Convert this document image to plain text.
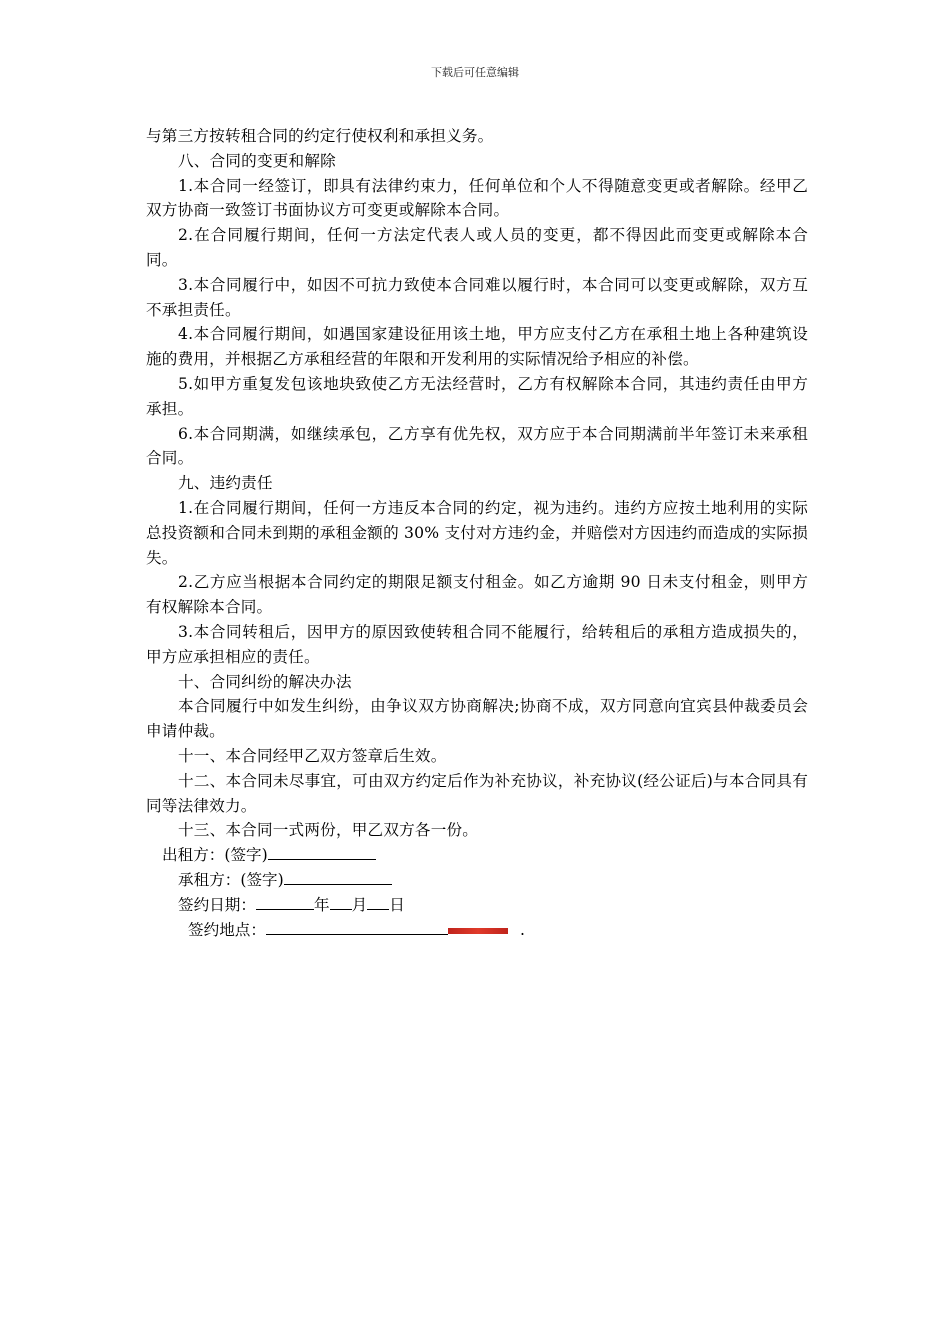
下载后可任意编辑

与第三方按转租合同的约定行使权利和承担义务。

八、合同的变更和解除

1.本合同一经签订，即具有法律约束力，任何单位和个人不得随意变更或者解除。经甲乙双方协商一致签订书面协议方可变更或解除本合同。

2.在合同履行期间，任何一方法定代表人或人员的变更，都不得因此而变更或解除本合同。

3.本合同履行中，如因不可抗力致使本合同难以履行时，本合同可以变更或解除，双方互不承担责任。

4.本合同履行期间，如遇国家建设征用该土地，甲方应支付乙方在承租土地上各种建筑设施的费用，并根据乙方承租经营的年限和开发利用的实际情况给予相应的补偿。

5.如甲方重复发包该地块致使乙方无法经营时，乙方有权解除本合同，其违约责任由甲方承担。

6.本合同期满，如继续承包，乙方享有优先权，双方应于本合同期满前半年签订未来承租合同。

九、违约责任

1.在合同履行期间，任何一方违反本合同的约定，视为违约。违约方应按土地利用的实际总投资额和合同未到期的承租金额的 30% 支付对方违约金，并赔偿对方因违约而造成的实际损失。

2.乙方应当根据本合同约定的期限足额支付租金。如乙方逾期 90 日未支付租金，则甲方有权解除本合同。

3.本合同转租后，因甲方的原因致使转租合同不能履行，给转租后的承租方造成损失的，甲方应承担相应的责任。

十、合同纠纷的解决办法

本合同履行中如发生纠纷，由争议双方协商解决;协商不成，双方同意向宜宾县仲裁委员会申请仲裁。

十一、本合同经甲乙双方签章后生效。

十二、本合同未尽事宜，可由双方约定后作为补充协议，补充协议(经公证后)与本合同具有同等法律效力。

十三、本合同一式两份，甲乙双方各一份。

出租方：(签字)

承租方：(签字)

签约日期：	年 月 日

签约地点：	.
